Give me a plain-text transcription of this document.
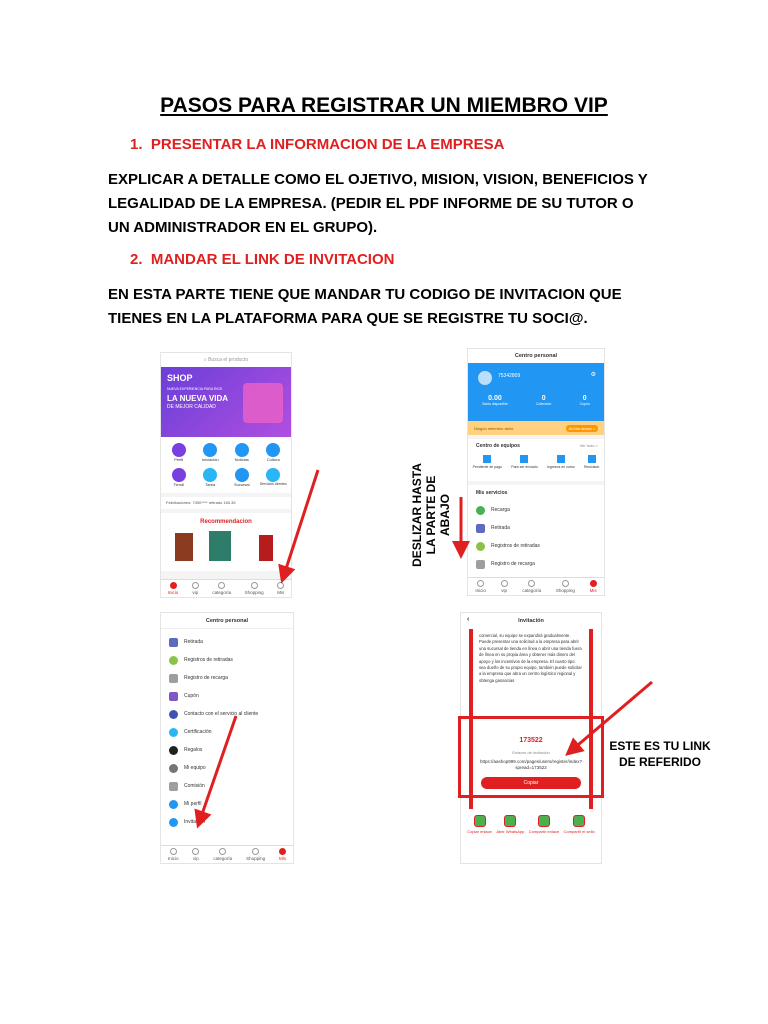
PASOS PARA REGISTRAR UN MIEMBRO VIP
1. PRESENTAR LA INFORMACION DE LA EMPRESA
EXPLICAR A DETALLE COMO EL OJETIVO, MISION, VISION, BENEFICIOS Y LEGALIDAD DE LA EMPRESA. (PEDIR EL PDF INFORME DE SU TUTOR O UN ADMINISTRADOR EN EL GRUPO).
2. MANDAR EL LINK DE INVITACION
EN ESTA PARTE TIENE QUE MANDAR TU CODIGO DE INVITACION QUE TIENES EN LA PLATAFORMA PARA QUE SE REGISTRE TU SOCI@.
⌕ Busca el producto
SHOP
NUEVA EXPERIENCIA PARA RICE
LA NUEVA VIDA
DE MEJOR CALIDAD
Perfil	Iniciación	Noticias	Cultura
Tiendi	Tarea	Sucursal	Servicios clientes
Felicitaciones: 7450**** retirado 160.35
Recommendacion
Inicio	vip	categoría	Shopping	Mis
Centro personal
75342809	⚙
0.00
Saldo disponible
0
Colección
0
Cupón
Ningún miembro abrió	Abrirlo ahora >
Centro de equipos	Ver todo >
Pendiente de pago	Para ser enviado	Ingresos en curso	Reciclado
Mis servicios
Recarga
Retirada
Registros de retiradas
Registro de recarga
Inicio	vip	categoría	Shopping	Mis
Centro personal
Retirada
Registros de retiradas
Registro de recarga
Cupón
Contacto con el servicio al cliente
Certificación
Regalos
Mi equipo
Comisión
Mi perfil
Invitación
Inicio	vip	categoría	Shopping	Mis
‹	Invitación
comercial, su equipo se expandirá gradualmente. Puede presentar una solicitud a la empresa para abrir una sucursal de tienda en línea o abrir una tienda fuera de línea en su propia área y obtener más dinero del apoyo y los incentivos de la empresa. El cuarto tipo: sea dueño de su propio equipo, también puede solicitar a la empresa que abra un centro logístico regional y obtenga ganancias
173522
Enlaces de invitación
https://aashop999.com/pages/users/register/index?spread=173522
Copiar
Copiar enlace Abrir WhatsApp Compartir enlace Compartir el sello
DESLIZAR HASTA LA PARTE DE ABAJO
ESTE ES TU LINK
DE REFERIDO
